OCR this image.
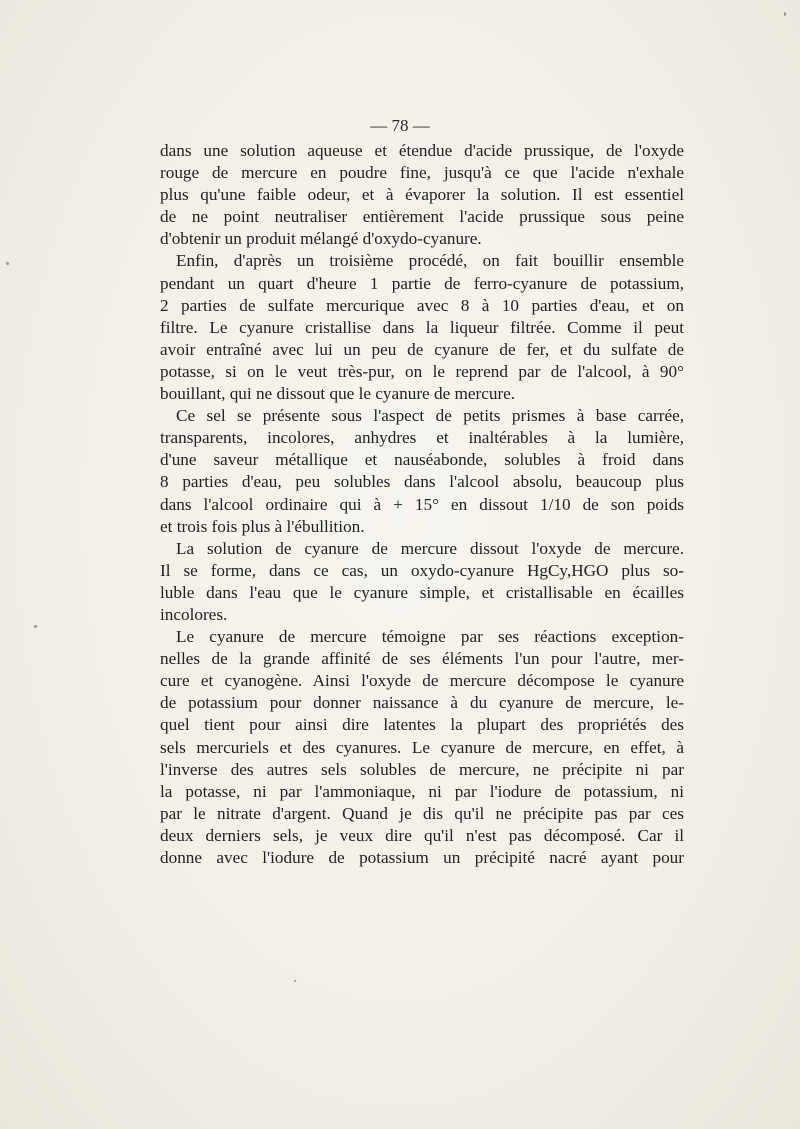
— 78 —
dans une solution aqueuse et étendue d'acide prussique, de l'oxyde
rouge de mercure en poudre fine, jusqu'à ce que l'acide n'exhale
plus qu'une faible odeur, et à évaporer la solution. Il est essentiel
de ne point neutraliser entièrement l'acide prussique sous peine
d'obtenir un produit mélangé d'oxydo-cyanure.
Enfin, d'après un troisième procédé, on fait bouillir ensemble
pendant un quart d'heure 1 partie de ferro-cyanure de potassium,
2 parties de sulfate mercurique avec 8 à 10 parties d'eau, et on
filtre. Le cyanure cristallise dans la liqueur filtrée. Comme il peut
avoir entraîné avec lui un peu de cyanure de fer, et du sulfate de
potasse, si on le veut très-pur, on le reprend par de l'alcool, à 90°
bouillant, qui ne dissout que le cyanure de mercure.
Ce sel se présente sous l'aspect de petits prismes à base carrée,
transparents, incolores, anhydres et inaltérables à la lumière,
d'une saveur métallique et nauséabonde, solubles à froid dans
8 parties d'eau, peu solubles dans l'alcool absolu, beaucoup plus
dans l'alcool ordinaire qui à + 15° en dissout 1/10 de son poids
et trois fois plus à l'ébullition.
La solution de cyanure de mercure dissout l'oxyde de mercure.
Il se forme, dans ce cas, un oxydo-cyanure HgCy,HGO plus so-
luble dans l'eau que le cyanure simple, et cristallisable en écailles
incolores.
Le cyanure de mercure témoigne par ses réactions exception-
nelles de la grande affinité de ses éléments l'un pour l'autre, mer-
cure et cyanogène. Ainsi l'oxyde de mercure décompose le cyanure
de potassium pour donner naissance à du cyanure de mercure, le-
quel tient pour ainsi dire latentes la plupart des propriétés des
sels mercuriels et des cyanures. Le cyanure de mercure, en effet, à
l'inverse des autres sels solubles de mercure, ne précipite ni par
la potasse, ni par l'ammoniaque, ni par l'iodure de potassium, ni
par le nitrate d'argent. Quand je dis qu'il ne précipite pas par ces
deux derniers sels, je veux dire qu'il n'est pas décomposé. Car il
donne avec l'iodure de potassium un précipité nacré ayant pour
